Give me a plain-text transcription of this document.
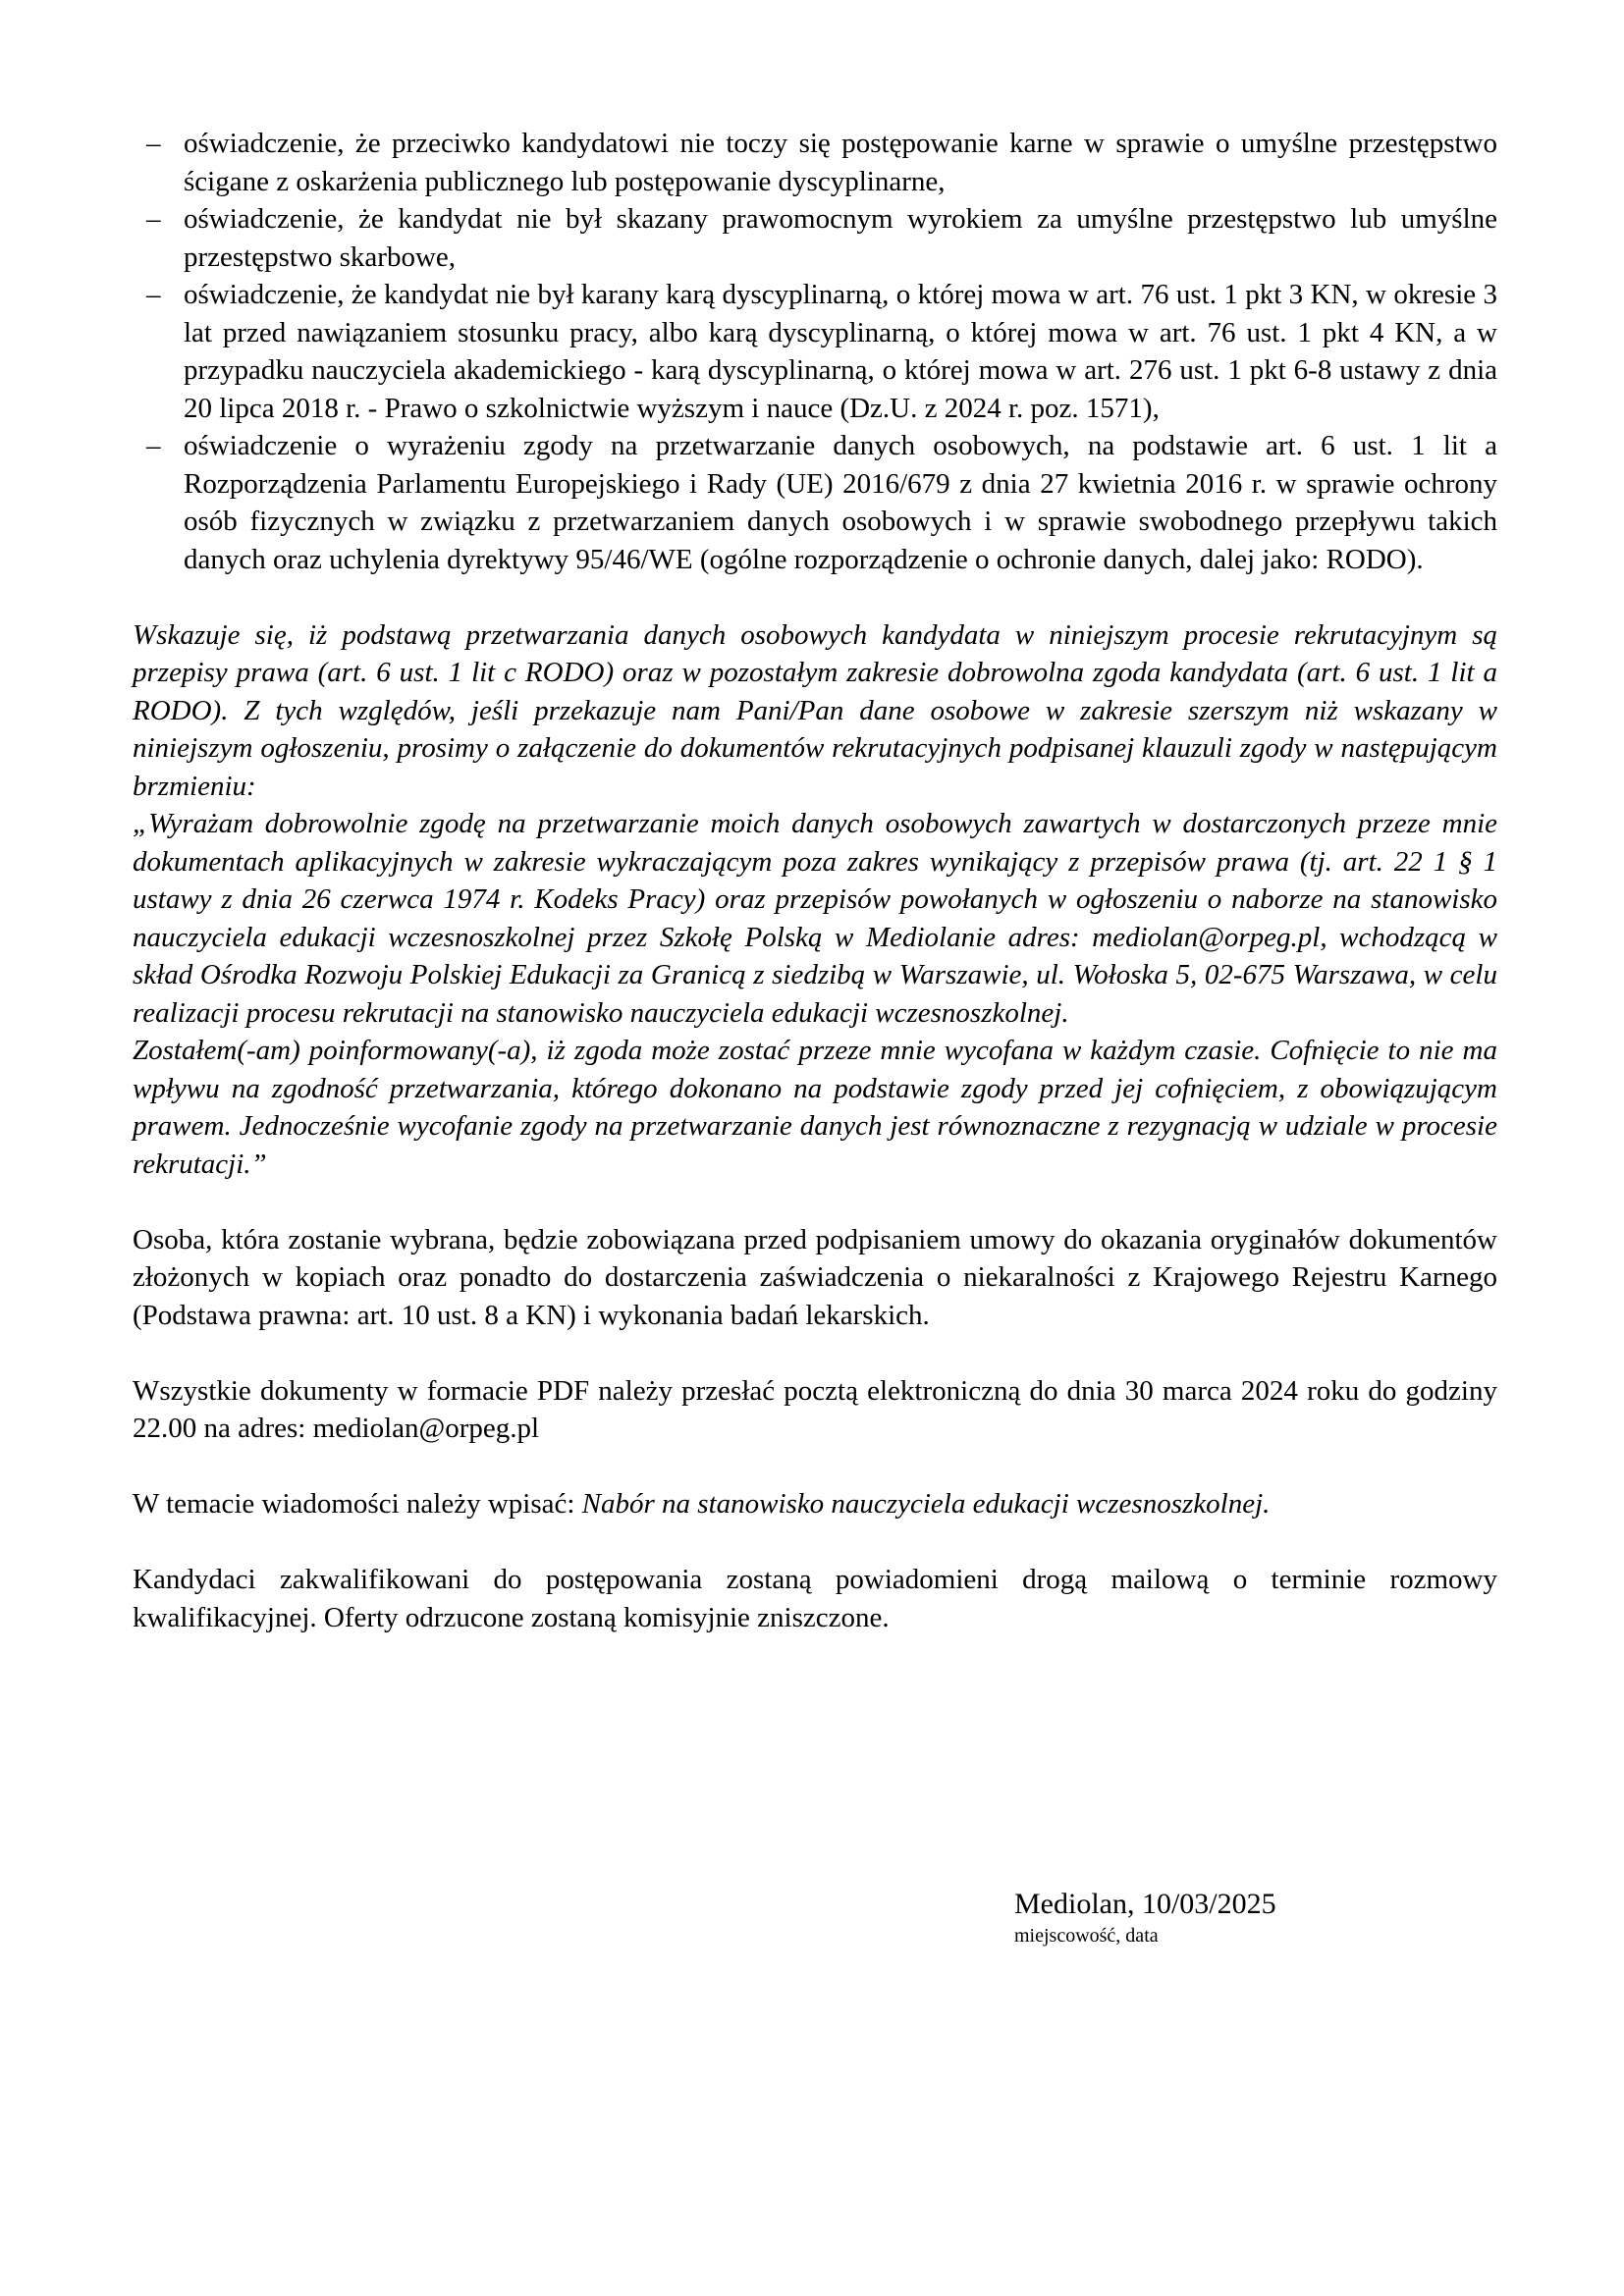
– oświadczenie, że przeciwko kandydatowi nie toczy się postępowanie karne w sprawie o umyślne przestępstwo ścigane z oskarżenia publicznego lub postępowanie dyscyplinarne,
– oświadczenie, że kandydat nie był skazany prawomocnym wyrokiem za umyślne przestępstwo lub umyślne przestępstwo skarbowe,
– oświadczenie, że kandydat nie był karany karą dyscyplinarną, o której mowa w art. 76 ust. 1 pkt 3 KN, w okresie 3 lat przed nawiązaniem stosunku pracy, albo karą dyscyplinarną, o której mowa w art. 76 ust. 1 pkt 4 KN, a w przypadku nauczyciela akademickiego - karą dyscyplinarną, o której mowa w art. 276 ust. 1 pkt 6-8 ustawy z dnia 20 lipca 2018 r. - Prawo o szkolnictwie wyższym i nauce (Dz.U. z 2024 r. poz. 1571),
– oświadczenie o wyrażeniu zgody na przetwarzanie danych osobowych, na podstawie art. 6 ust. 1 lit a Rozporządzenia Parlamentu Europejskiego i Rady (UE) 2016/679 z dnia 27 kwietnia 2016 r. w sprawie ochrony osób fizycznych w związku z przetwarzaniem danych osobowych i w sprawie swobodnego przepływu takich danych oraz uchylenia dyrektywy 95/46/WE (ogólne rozporządzenie o ochronie danych, dalej jako: RODO).

Wskazuje się, iż podstawą przetwarzania danych osobowych kandydata w niniejszym procesie rekrutacyjnym są przepisy prawa (art. 6 ust. 1 lit c RODO) oraz w pozostałym zakresie dobrowolna zgoda kandydata (art. 6 ust. 1 lit a RODO). Z tych względów, jeśli przekazuje nam Pani/Pan dane osobowe w zakresie szerszym niż wskazany w niniejszym ogłoszeniu, prosimy o załączenie do dokumentów rekrutacyjnych podpisanej klauzuli zgody w następującym brzmieniu:

„Wyrażam dobrowolnie zgodę na przetwarzanie moich danych osobowych zawartych w dostarczonych przeze mnie dokumentach aplikacyjnych w zakresie wykraczającym poza zakres wynikający z przepisów prawa (tj. art. 22 1 § 1 ustawy z dnia 26 czerwca 1974 r. Kodeks Pracy) oraz przepisów powołanych w ogłoszeniu o naborze na stanowisko nauczyciela edukacji wczesnoszkolnej przez Szkołę Polską w Mediolanie adres: mediolan@orpeg.pl, wchodzącą w skład Ośrodka Rozwoju Polskiej Edukacji za Granicą z siedzibą w Warszawie, ul. Wołoska 5, 02-675 Warszawa, w celu realizacji procesu rekrutacji na stanowisko nauczyciela edukacji wczesnoszkolnej.

Zostałem(-am) poinformowany(-a), iż zgoda może zostać przeze mnie wycofana w każdym czasie. Cofnięcie to nie ma wpływu na zgodność przetwarzania, którego dokonano na podstawie zgody przed jej cofnięciem, z obowiązującym prawem. Jednocześnie wycofanie zgody na przetwarzanie danych jest równoznaczne z rezygnacją w udziale w procesie rekrutacji.”

Osoba, która zostanie wybrana, będzie zobowiązana przed podpisaniem umowy do okazania oryginałów dokumentów złożonych w kopiach oraz ponadto do dostarczenia zaświadczenia o niekaralności z Krajowego Rejestru Karnego (Podstawa prawna: art. 10 ust. 8 a KN) i wykonania badań lekarskich.

Wszystkie dokumenty w formacie PDF należy przesłać pocztą elektroniczną do dnia 30 marca 2024 roku do godziny 22.00 na adres: mediolan@orpeg.pl

W temacie wiadomości należy wpisać: Nabór na stanowisko nauczyciela edukacji wczesnoszkolnej.

Kandydaci zakwalifikowani do postępowania zostaną powiadomieni drogą mailową o terminie rozmowy kwalifikacyjnej. Oferty odrzucone zostaną komisyjnie zniszczone.

Mediolan, 10/03/2025
miejscowość, data
